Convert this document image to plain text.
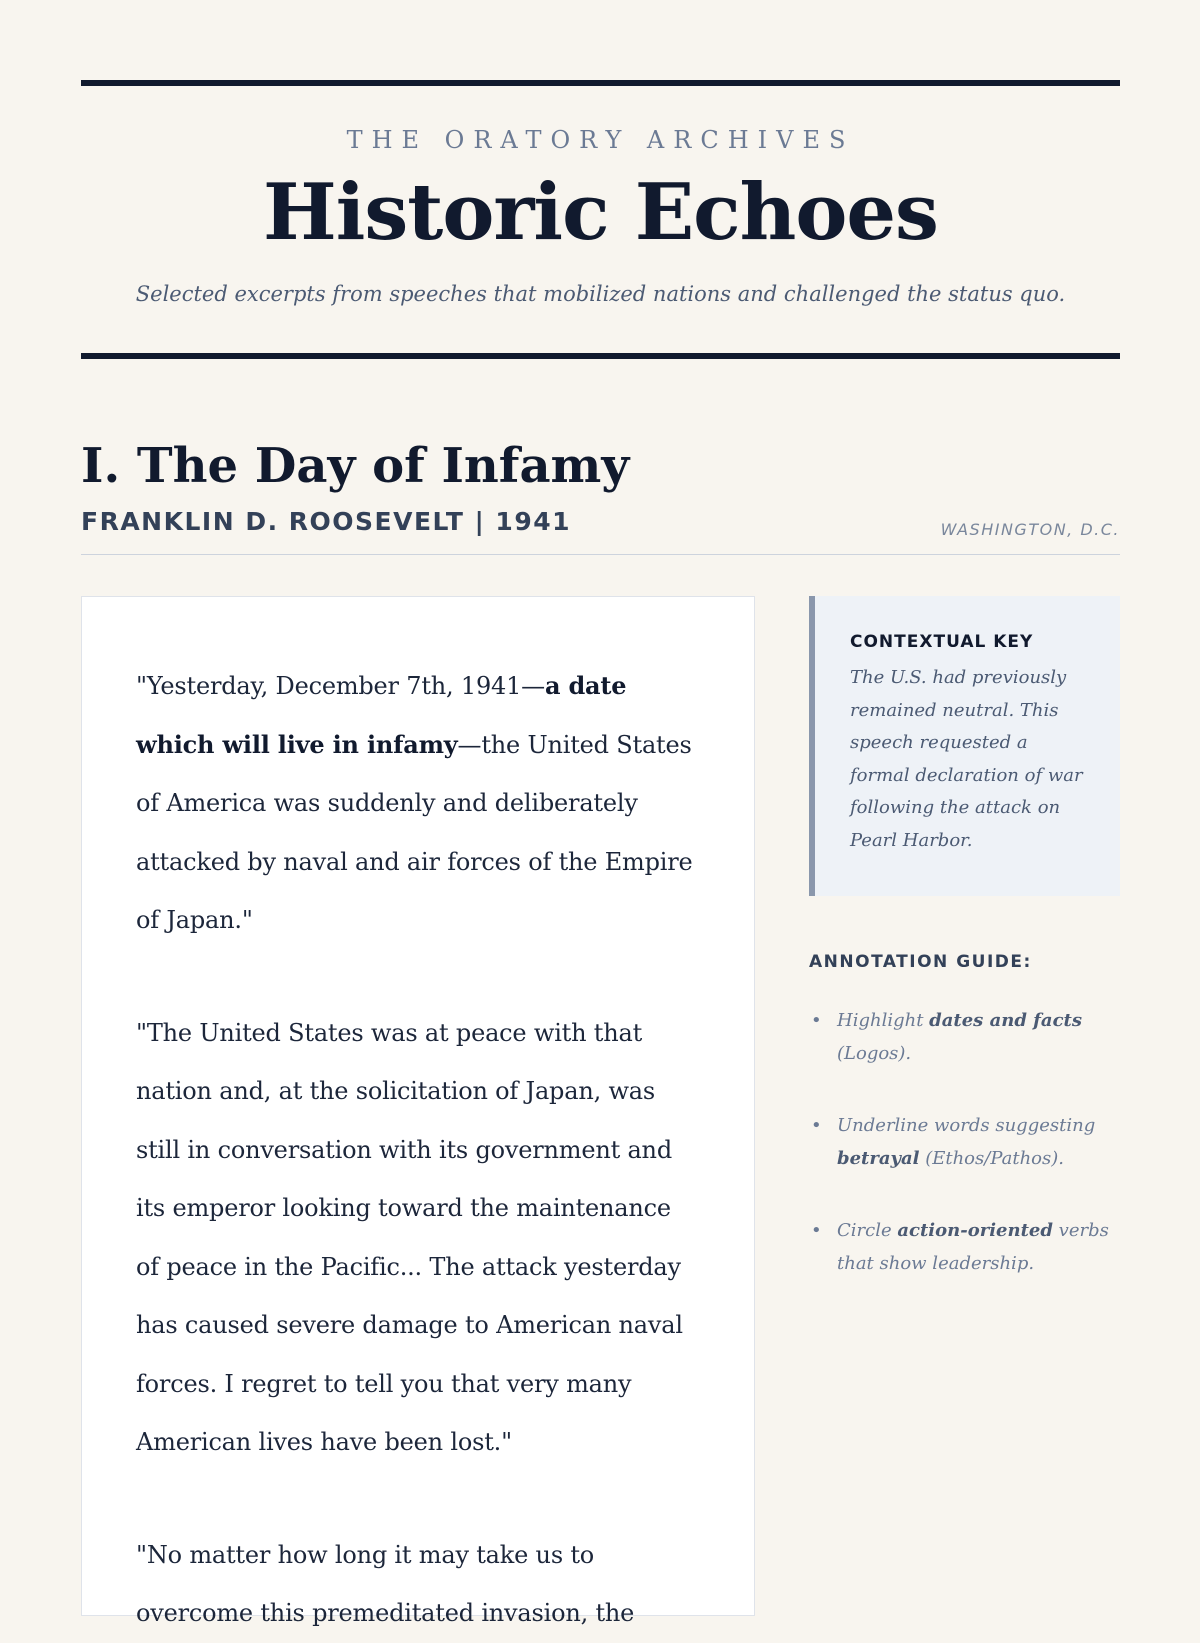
THE ORATORY ARCHIVES
Historic Echoes

Selected excerpts from speeches that mobilized nations and challenged the status quo.

I. The Day of Infamy
FRANKLIN D. ROOSEVELT | 1941	WASHINGTON, D.C.

"Yesterday, December 7th, 1941—a date which will live in infamy—the United States of America was suddenly and deliberately attacked by naval and air forces of the Empire of Japan."

"The United States was at peace with that nation and, at the solicitation of Japan, was still in conversation with its government and its emperor looking toward the maintenance of peace in the Pacific... The attack yesterday has caused severe damage to American naval forces. I regret to tell you that very many American lives have been lost."

"No matter how long it may take us to overcome this premeditated invasion, the

CONTEXTUAL KEY

The U.S. had previously remained neutral. This speech requested a formal declaration of war following the attack on Pearl Harbor.

ANNOTATION GUIDE:
• Highlight dates and facts (Logos).
• Underline words suggesting betrayal (Ethos/Pathos).
• Circle action-oriented verbs that show leadership.
